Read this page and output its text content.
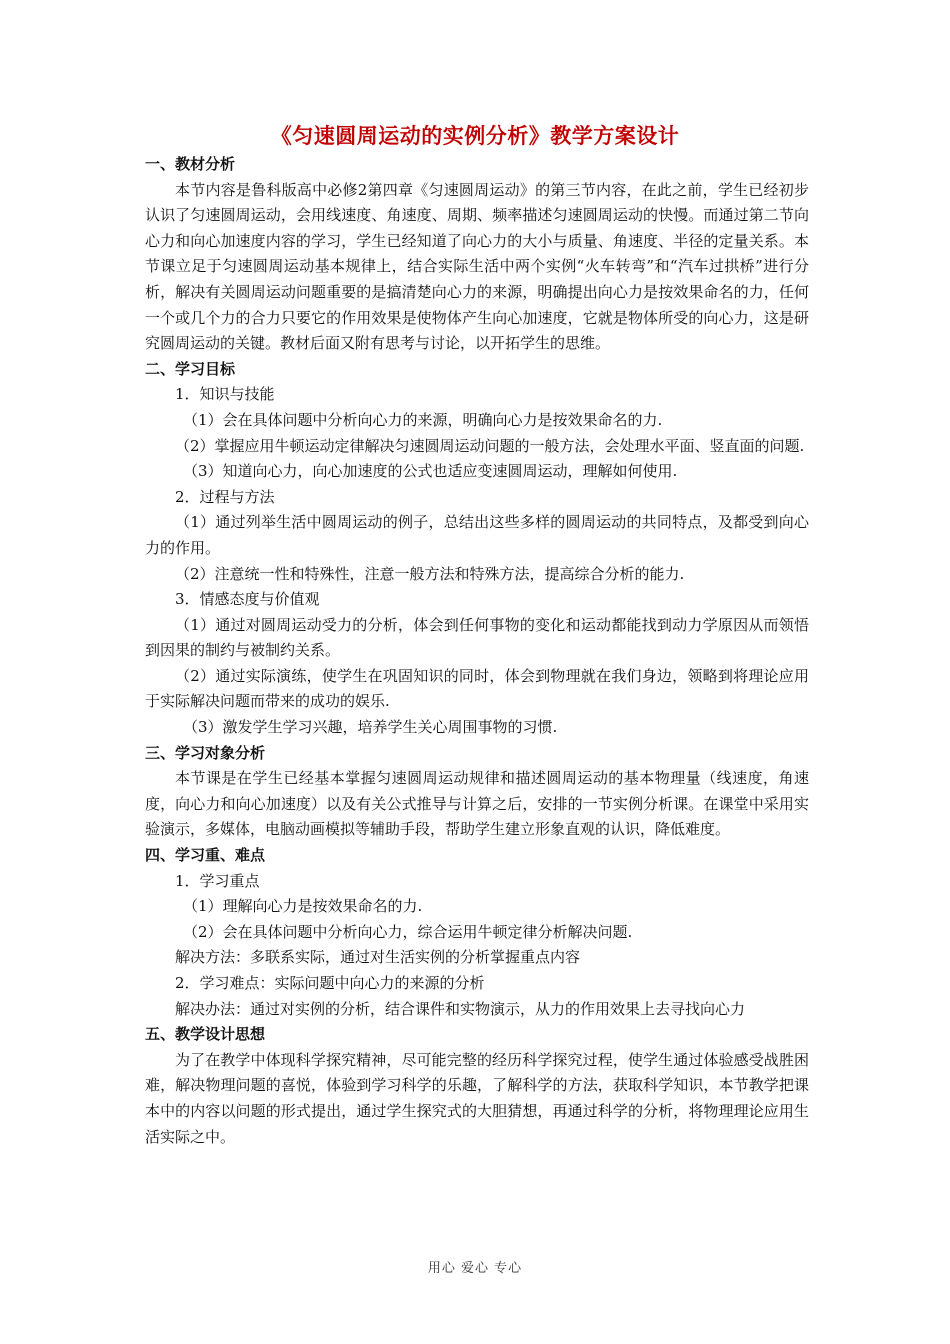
《匀速圆周运动的实例分析》教学方案设计
一、教材分析
本节内容是鲁科版高中必修2第四章《匀速圆周运动》的第三节内容，在此之前，学生已经初步认识了匀速圆周运动，会用线速度、角速度、周期、频率描述匀速圆周运动的快慢。而通过第二节向心力和向心加速度内容的学习，学生已经知道了向心力的大小与质量、角速度、半径的定量关系。本节课立足于匀速圆周运动基本规律上，结合实际生活中两个实例“火车转弯”和“汽车过拱桥”进行分析，解决有关圆周运动问题重要的是搞清楚向心力的来源，明确提出向心力是按效果命名的力，任何一个或几个力的合力只要它的作用效果是使物体产生向心加速度，它就是物体所受的向心力，这是研究圆周运动的关键。教材后面又附有思考与讨论，以开拓学生的思维。
二、学习目标
1．知识与技能
（1）会在具体问题中分析向心力的来源，明确向心力是按效果命名的力.
（2）掌握应用牛顿运动定律解决匀速圆周运动问题的一般方法，会处理水平面、竖直面的问题.
（3）知道向心力，向心加速度的公式也适应变速圆周运动，理解如何使用.
2．过程与方法
（1）通过列举生活中圆周运动的例子，总结出这些多样的圆周运动的共同特点，及都受到向心力的作用。
（2）注意统一性和特殊性，注意一般方法和特殊方法，提高综合分析的能力.
3．情感态度与价值观
（1）通过对圆周运动受力的分析，体会到任何事物的变化和运动都能找到动力学原因从而领悟到因果的制约与被制约关系。
（2）通过实际演练，使学生在巩固知识的同时，体会到物理就在我们身边，领略到将理论应用于实际解决问题而带来的成功的娱乐.
（3）激发学生学习兴趣，培养学生关心周围事物的习惯.
三、学习对象分析
本节课是在学生已经基本掌握匀速圆周运动规律和描述圆周运动的基本物理量（线速度，角速度，向心力和向心加速度）以及有关公式推导与计算之后，安排的一节实例分析课。在课堂中采用实验演示，多媒体，电脑动画模拟等辅助手段，帮助学生建立形象直观的认识，降低难度。
四、学习重、难点
1．学习重点
（1）理解向心力是按效果命名的力.
（2）会在具体问题中分析向心力，综合运用牛顿定律分析解决问题.
解决方法：多联系实际，通过对生活实例的分析掌握重点内容
2．学习难点：实际问题中向心力的来源的分析
解决办法：通过对实例的分析，结合课件和实物演示，从力的作用效果上去寻找向心力
五、教学设计思想
为了在教学中体现科学探究精神，尽可能完整的经历科学探究过程，使学生通过体验感受战胜困难，解决物理问题的喜悦，体验到学习科学的乐趣，了解科学的方法，获取科学知识，本节教学把课本中的内容以问题的形式提出，通过学生探究式的大胆猜想，再通过科学的分析，将物理理论应用生活实际之中。
用心 爱心 专心
